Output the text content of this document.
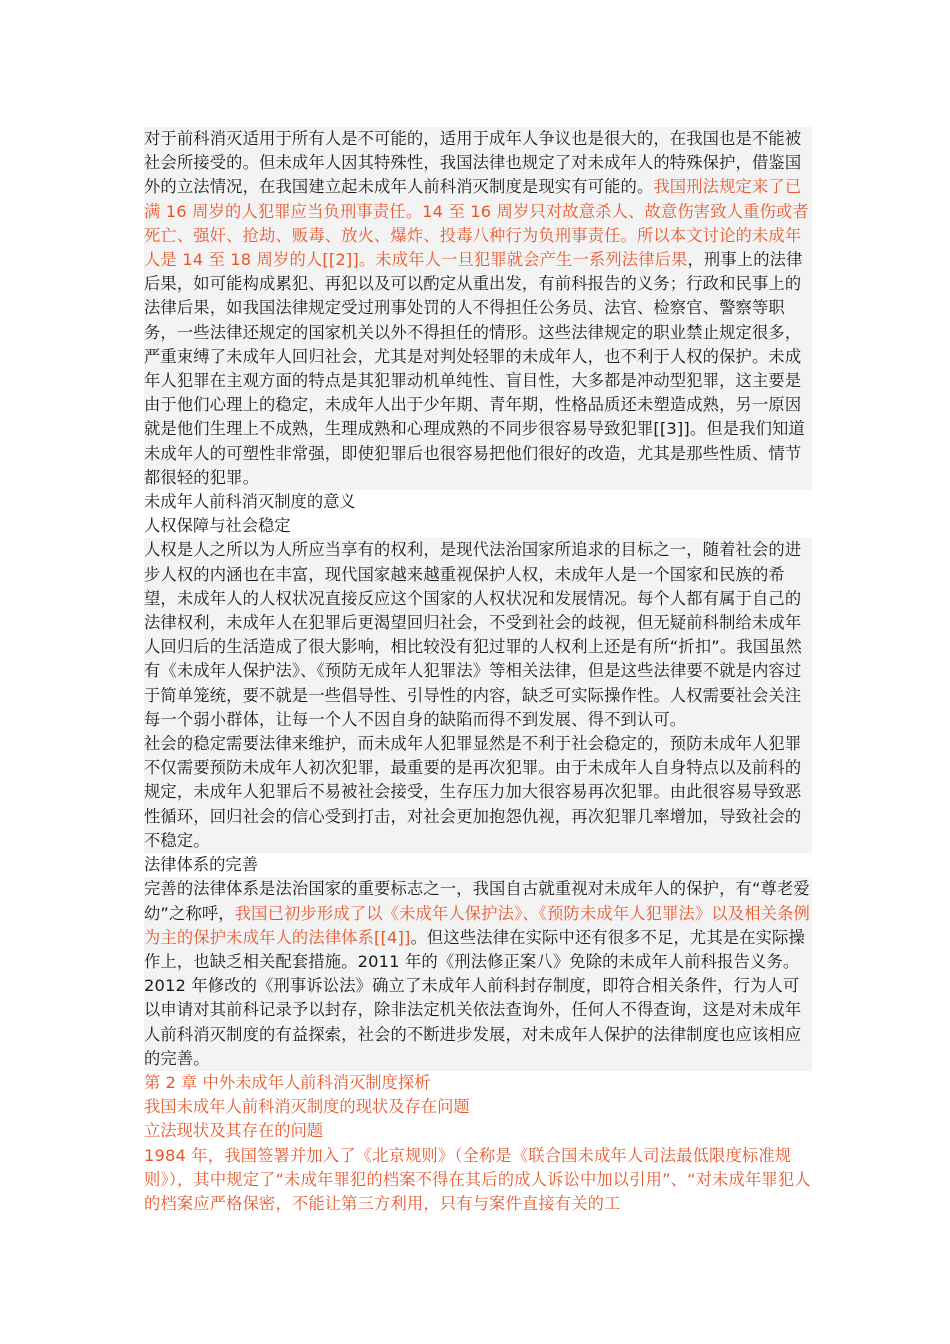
对于前科消灭适用于所有人是不可能的，适用于成年人争议也是很大的，在我国也是不能被社会所接受的。但未成年人因其特殊性，我国法律也规定了对未成年人的特殊保护，借鉴国外的立法情况，在我国建立起未成年人前科消灭制度是现实有可能的。我国刑法规定来了已满 16 周岁的人犯罪应当负刑事责任。14 至 16 周岁只对故意杀人、故意伤害致人重伤或者死亡、强奸、抢劫、贩毒、放火、爆炸、投毒八种行为负刑事责任。所以本文讨论的未成年人是 14 至 18 周岁的人[[2]]。未成年人一旦犯罪就会产生一系列法律后果，刑事上的法律后果，如可能构成累犯、再犯以及可以酌定从重出发，有前科报告的义务；行政和民事上的法律后果，如我国法律规定受过刑事处罚的人不得担任公务员、法官、检察官、警察等职务，一些法律还规定的国家机关以外不得担任的情形。这些法律规定的职业禁止规定很多，严重束缚了未成年人回归社会，尤其是对判处轻罪的未成年人，也不利于人权的保护。未成年人犯罪在主观方面的特点是其犯罪动机单纯性、盲目性，大多都是冲动型犯罪，这主要是由于他们心理上的稳定，未成年人出于少年期、青年期，性格品质还未塑造成熟，另一原因就是他们生理上不成熟，生理成熟和心理成熟的不同步很容易导致犯罪[[3]]。但是我们知道未成年人的可塑性非常强，即使犯罪后也很容易把他们很好的改造，尤其是那些性质、情节都很轻的犯罪。

未成年人前科消灭制度的意义

人权保障与社会稳定

人权是人之所以为人所应当享有的权利，是现代法治国家所追求的目标之一，随着社会的进步人权的内涵也在丰富，现代国家越来越重视保护人权，未成年人是一个国家和民族的希望，未成年人的人权状况直接反应这个国家的人权状况和发展情况。每个人都有属于自己的法律权利，未成年人在犯罪后更渴望回归社会，不受到社会的歧视，但无疑前科制给未成年人回归后的生活造成了很大影响，相比较没有犯过罪的人权利上还是有所“折扣”。我国虽然有《未成年人保护法》、《预防无成年人犯罪法》等相关法律，但是这些法律要不就是内容过于简单笼统，要不就是一些倡导性、引导性的内容，缺乏可实际操作性。人权需要社会关注每一个弱小群体，让每一个人不因自身的缺陷而得不到发展、得不到认可。

社会的稳定需要法律来维护，而未成年人犯罪显然是不利于社会稳定的，预防未成年人犯罪不仅需要预防未成年人初次犯罪，最重要的是再次犯罪。由于未成年人自身特点以及前科的规定，未成年人犯罪后不易被社会接受，生存压力加大很容易再次犯罪。由此很容易导致恶性循环，回归社会的信心受到打击，对社会更加抱怨仇视，再次犯罪几率增加，导致社会的不稳定。

法律体系的完善

完善的法律体系是法治国家的重要标志之一，我国自古就重视对未成年人的保护，有“尊老爱幼”之称呼，我国已初步形成了以《未成年人保护法》、《预防未成年人犯罪法》以及相关条例为主的保护未成年人的法律体系[[4]]。但这些法律在实际中还有很多不足，尤其是在实际操作上，也缺乏相关配套措施。2011 年的《刑法修正案八》免除的未成年人前科报告义务。2012 年修改的《刑事诉讼法》确立了未成年人前科封存制度，即符合相关条件，行为人可以申请对其前科记录予以封存，除非法定机关依法查询外，任何人不得查询，这是对未成年人前科消灭制度的有益探索，社会的不断进步发展，对未成年人保护的法律制度也应该相应的完善。

第 2 章 中外未成年人前科消灭制度探析

我国未成年人前科消灭制度的现状及存在问题

立法现状及其存在的问题

1984 年，我国签署并加入了《北京规则》（全称是《联合国未成年人司法最低限度标准规则》），其中规定了“未成年罪犯的档案不得在其后的成人诉讼中加以引用”、“对未成年罪犯人的档案应严格保密，不能让第三方利用，只有与案件直接有关的工
